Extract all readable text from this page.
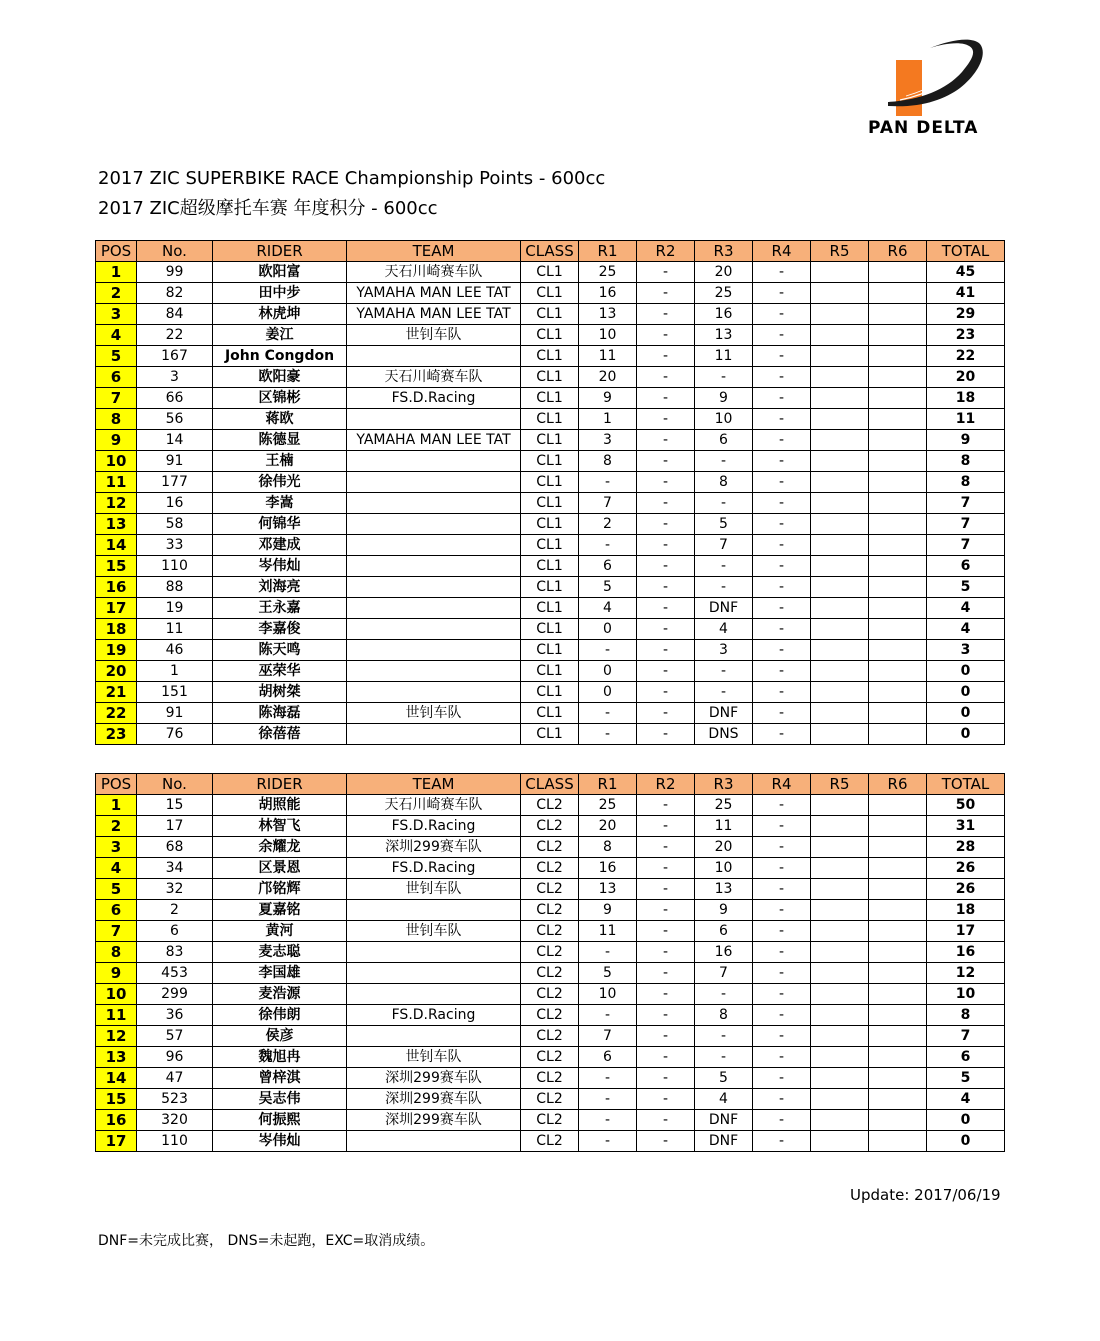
PAN DELTA
2017 ZIC SUPERBIKE RACE Championship Points - 600cc
2017 ZIC超级摩托车赛 年度积分 - 600cc
POS	No.	RIDER	TEAM	CLASS	R1	R2	R3	R4	R5	R6	TOTAL
1	99	欧阳富	天石川崎赛车队	CL1	25	-	20	-			45
2	82	田中步	YAMAHA MAN LEE TAT	CL1	16	-	25	-			41
3	84	林虎坤	YAMAHA MAN LEE TAT	CL1	13	-	16	-			29
4	22	姜江	世钊车队	CL1	10	-	13	-			23
5	167	John Congdon		CL1	11	-	11	-			22
6	3	欧阳豪	天石川崎赛车队	CL1	20	-	-	-			20
7	66	区锦彬	FS.D.Racing	CL1	9	-	9	-			18
8	56	蒋欧		CL1	1	-	10	-			11
9	14	陈德显	YAMAHA MAN LEE TAT	CL1	3	-	6	-			9
10	91	王楠		CL1	8	-	-	-			8
11	177	徐伟光		CL1	-	-	8	-			8
12	16	李嵩		CL1	7	-	-	-			7
13	58	何锦华		CL1	2	-	5	-			7
14	33	邓建成		CL1	-	-	7	-			7
15	110	岑伟灿		CL1	6	-	-	-			6
16	88	刘海亮		CL1	5	-	-	-			5
17	19	王永嘉		CL1	4	-	DNF	-			4
18	11	李嘉俊		CL1	0	-	4	-			4
19	46	陈天鸣		CL1	-	-	3	-			3
20	1	巫荣华		CL1	0	-	-	-			0
21	151	胡树桀		CL1	0	-	-	-			0
22	91	陈海磊	世钊车队	CL1	-	-	DNF	-			0
23	76	徐蓓蓓		CL1	-	-	DNS	-			0
POS	No.	RIDER	TEAM	CLASS	R1	R2	R3	R4	R5	R6	TOTAL
1	15	胡照能	天石川崎赛车队	CL2	25	-	25	-			50
2	17	林智飞	FS.D.Racing	CL2	20	-	11	-			31
3	68	余耀龙	深圳299赛车队	CL2	8	-	20	-			28
4	34	区景恩	FS.D.Racing	CL2	16	-	10	-			26
5	32	邝铭辉	世钊车队	CL2	13	-	13	-			26
6	2	夏嘉铭		CL2	9	-	9	-			18
7	6	黄河	世钊车队	CL2	11	-	6	-			17
8	83	麦志聪		CL2	-	-	16	-			16
9	453	李国雄		CL2	5	-	7	-			12
10	299	麦浩源		CL2	10	-	-	-			10
11	36	徐伟朗	FS.D.Racing	CL2	-	-	8	-			8
12	57	侯彦		CL2	7	-	-	-			7
13	96	魏旭冉	世钊车队	CL2	6	-	-	-			6
14	47	曾梓淇	深圳299赛车队	CL2	-	-	5	-			5
15	523	吴志伟	深圳299赛车队	CL2	-	-	4	-			4
16	320	何振熙	深圳299赛车队	CL2	-	-	DNF	-			0
17	110	岑伟灿		CL2	-	-	DNF	-			0
Update: 2017/06/19
DNF=未完成比赛， DNS=未起跑，EXC=取消成绩。
